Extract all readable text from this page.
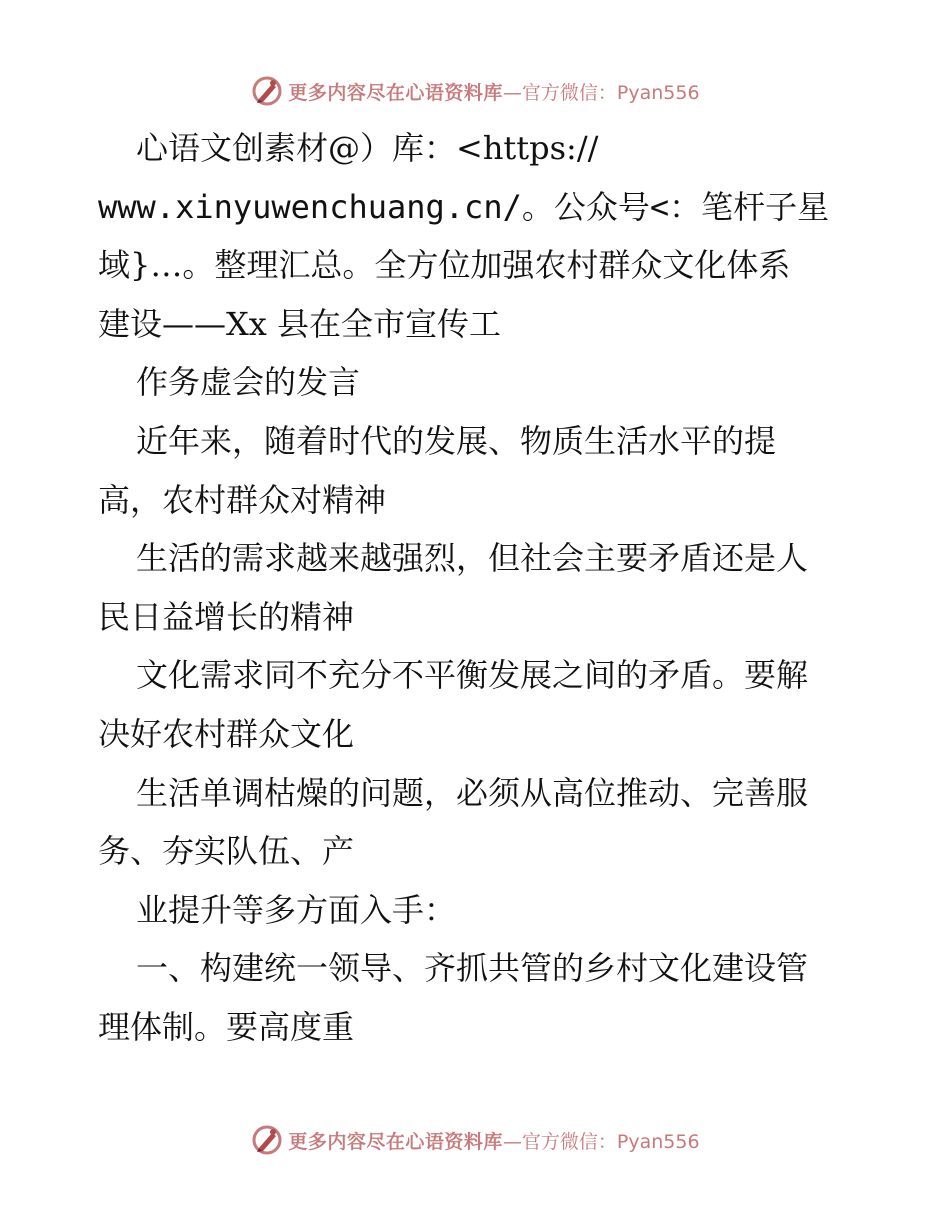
更多内容尽在心语资料库 —官方微信：Pyan556
心语文创素材@）库：<https://
www.xinyuwenchuang.cn/。公众号<：笔杆子星
域}…。整理汇总。全方位加强农村群众文化体系
建设——Xx 县在全市宣传工
作务虚会的发言
近年来，随着时代的发展、物质生活水平的提
高，农村群众对精神
生活的需求越来越强烈，但社会主要矛盾还是人
民日益增长的精神
文化需求同不充分不平衡发展之间的矛盾。要解
决好农村群众文化
生活单调枯燥的问题，必须从高位推动、完善服
务、夯实队伍、产
业提升等多方面入手：
一、构建统一领导、齐抓共管的乡村文化建设管
理体制。要高度重
更多内容尽在心语资料库 —官方微信：Pyan556
